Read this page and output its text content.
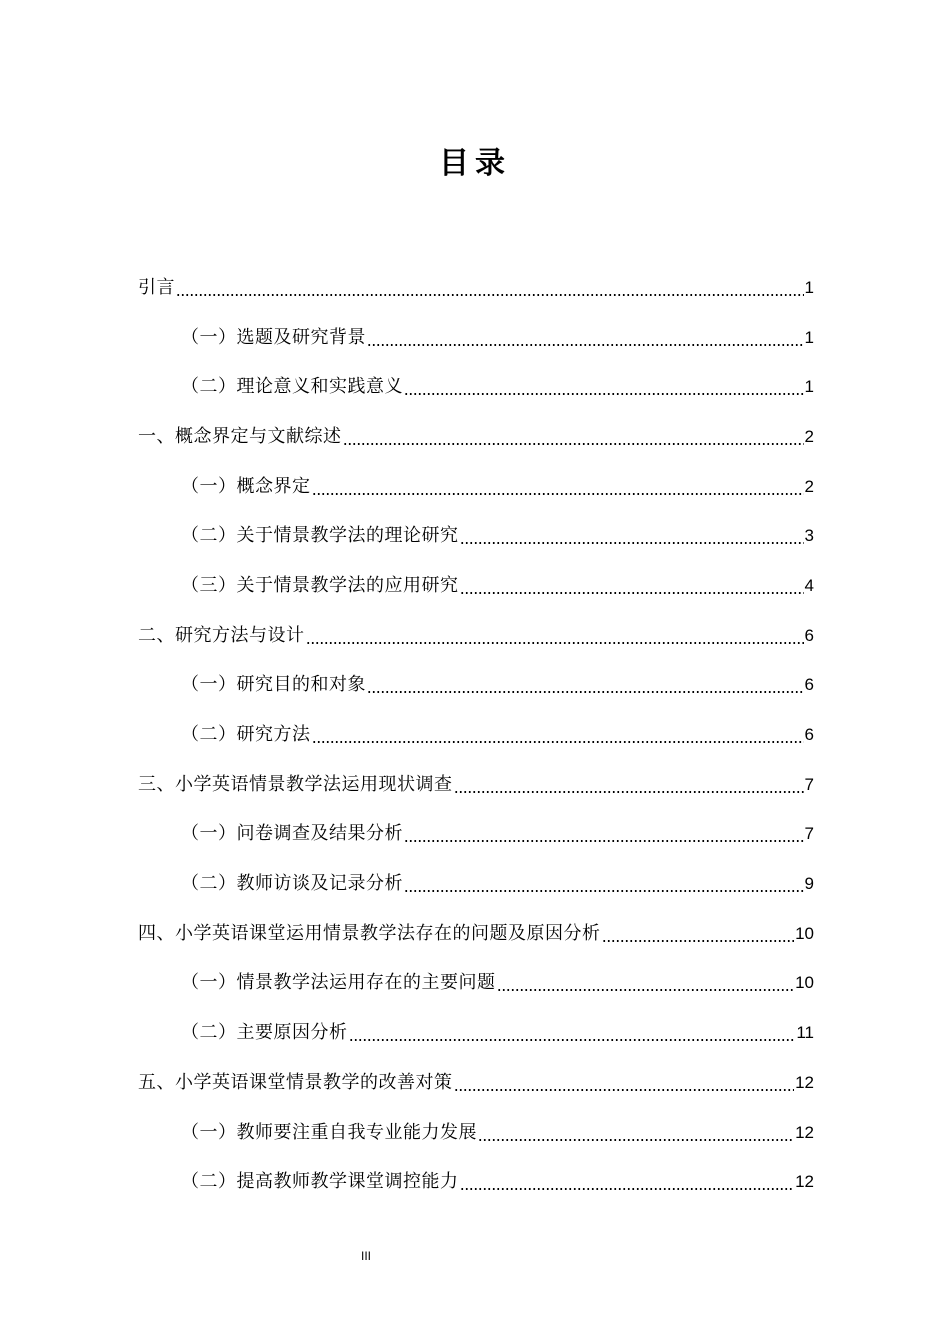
目录
引言	1
（一）选题及研究背景	1
（二）理论意义和实践意义	1
一、概念界定与文献综述	2
（一）概念界定	2
（二）关于情景教学法的理论研究	3
（三）关于情景教学法的应用研究	4
二、研究方法与设计	6
（一）研究目的和对象	6
（二）研究方法	6
三、小学英语情景教学法运用现状调查	7
（一）问卷调查及结果分析	7
（二）教师访谈及记录分析	9
四、小学英语课堂运用情景教学法存在的问题及原因分析	10
（一）情景教学法运用存在的主要问题	10
（二）主要原因分析	11
五、小学英语课堂情景教学的改善对策	12
（一）教师要注重自我专业能力发展	12
（二）提高教师教学课堂调控能力	12
III
